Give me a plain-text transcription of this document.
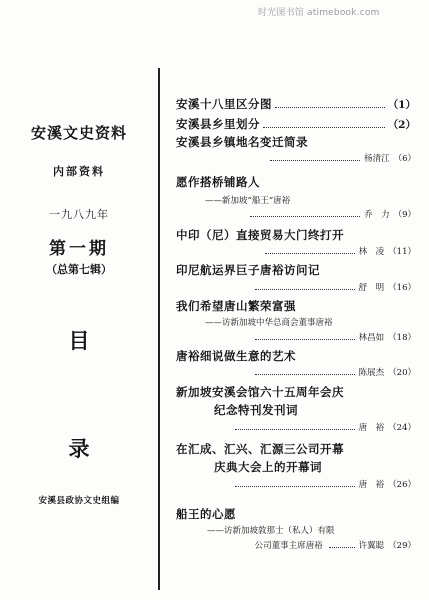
时光图书馆 atimebook.com
安溪文史资料
内部资料
一九八九年
第一期
（总第七辑）
目
录
安溪县政协文史组编
安溪十八里区分图	（1）
安溪县乡里划分	（2）
安溪县乡镇地名变迁简录
杨清江 （6）
愿作搭桥铺路人
——新加坡“船王”唐裕
乔　力 （9）
中印（尼）直接贸易大门终打开
林　凌 （11）
印尼航运界巨子唐裕访问记
舒　明 （16）
我们希望唐山繁荣富强
——访新加坡中华总商会董事唐裕
林昌如 （18）
唐裕细说做生意的艺术
陈展杰 （20）
新加坡安溪会馆六十五周年会庆
纪念特刊发刊词
唐　裕 （24）
在汇成、汇兴、汇源三公司开幕
庆典大会上的开幕词
唐　裕 （26）
船王的心愿
——访新加坡敦那士（私人）有限
公司董事主席唐裕	许翼聪 （29）
